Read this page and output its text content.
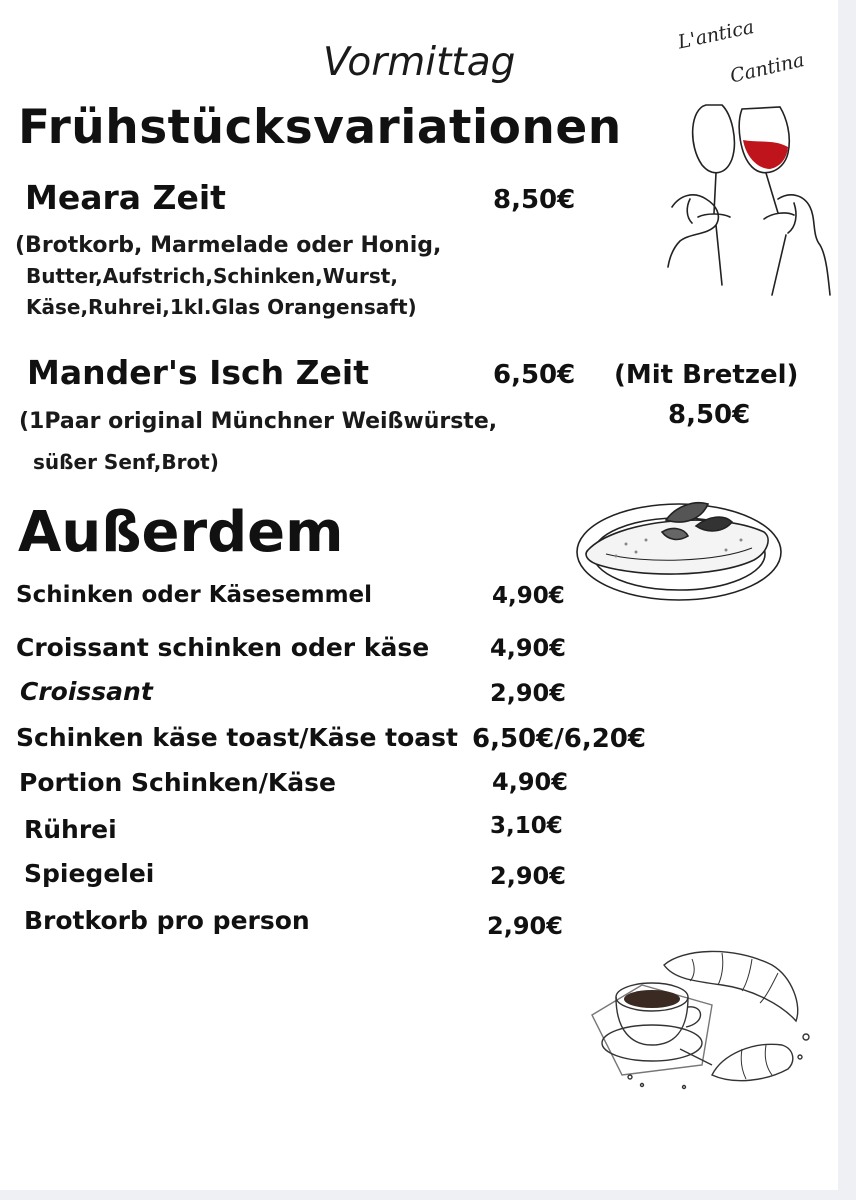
Vormittag
Frühstücksvariationen
L'antica
Cantina
Meara Zeit	8,50€
(Brotkorb, Marmelade oder Honig,
Butter,Aufstrich,Schinken,Wurst,
Käse,Ruhrei,1kl.Glas Orangensaft)
Mander's Isch Zeit	6,50€ (Mit Bretzel)
8,50€
(1Paar original Münchner Weißwürste,
süßer Senf,Brot)
Außerdem
Schinken oder Käsesemmel	4,90€
Croissant schinken oder käse	4,90€
Croissant	2,90€
Schinken käse toast/Käse toast 6,50€/6,20€
Portion Schinken/Käse	4,90€
Rührei	3,10€
Spiegelei	2,90€
Brotkorb pro person	2,90€
